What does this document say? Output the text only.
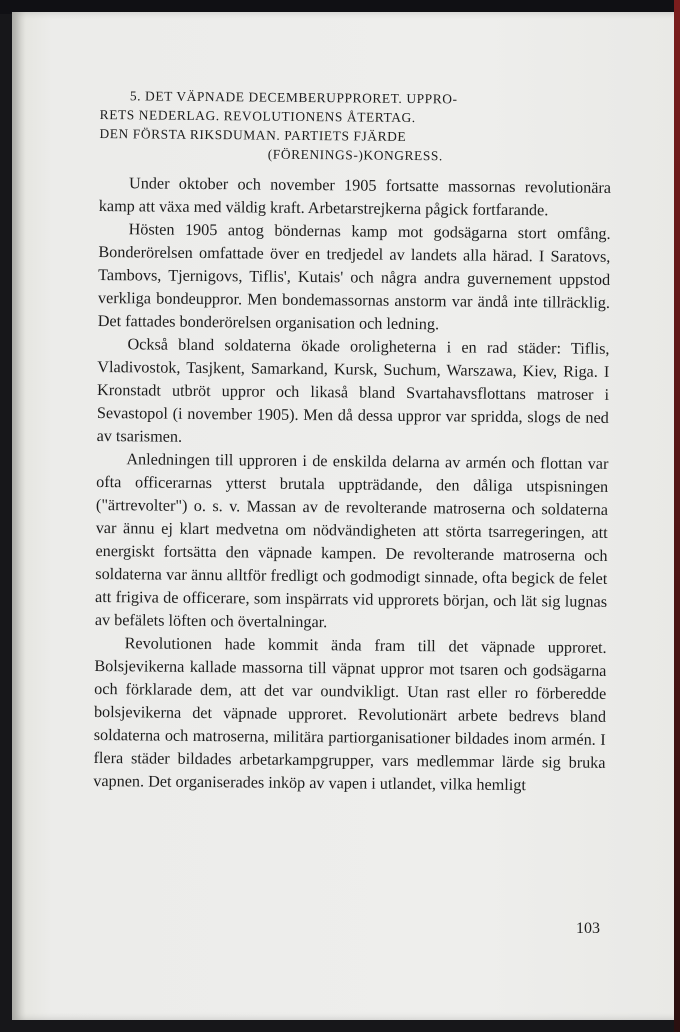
5. DET VÄPNADE DECEMBERUPPRORET. UPPRO-
RETS NEDERLAG. REVOLUTIONENS ÅTERTAG.
DEN FÖRSTA RIKSDUMAN. PARTIETS FJÄRDE
(FÖRENINGS-)KONGRESS.

Under oktober och november 1905 fortsatte massornas revolutionära kamp att växa med väldig kraft. Arbetarstrejkerna pågick fortfarande.

Hösten 1905 antog böndernas kamp mot godsägarna stort omfång. Bonderörelsen omfattade över en tredjedel av landets alla härad. I Saratovs, Tambovs, Tjernigovs, Tiflis', Kutais' och några andra guvernement uppstod verkliga bondeuppror. Men bondemassornas anstorm var ändå inte tillräcklig. Det fattades bonderörelsen organisation och ledning.

Också bland soldaterna ökade oroligheterna i en rad städer: Tiflis, Vladivostok, Tasjkent, Samarkand, Kursk, Suchum, Warszawa, Kiev, Riga. I Kronstadt utbröt uppror och likaså bland Svartahavsflottans matroser i Sevastopol (i november 1905). Men då dessa uppror var spridda, slogs de ned av tsarismen.

Anledningen till upproren i de enskilda delarna av armén och flottan var ofta officerarnas ytterst brutala uppträdande, den dåliga utspisningen ("ärtrevolter") o. s. v. Massan av de revolterande matroserna och soldaterna var ännu ej klart medvetna om nödvändigheten att störta tsarregeringen, att energiskt fortsätta den väpnade kampen. De revolterande matroserna och soldaterna var ännu alltför fredligt och godmodigt sinnade, ofta begick de felet att frigiva de officerare, som inspärrats vid upprorets början, och lät sig lugnas av befälets löften och övertalningar.

Revolutionen hade kommit ända fram till det väpnade upproret. Bolsjevikerna kallade massorna till väpnat uppror mot tsaren och godsägarna och förklarade dem, att det var oundvikligt. Utan rast eller ro förberedde bolsjevikerna det väpnade upproret. Revolutionärt arbete bedrevs bland soldaterna och matroserna, militära partiorganisationer bildades inom armén. I flera städer bildades arbetarkampgrupper, vars medlemmar lärde sig bruka vapnen. Det organiserades inköp av vapen i utlandet, vilka hemligt

103
